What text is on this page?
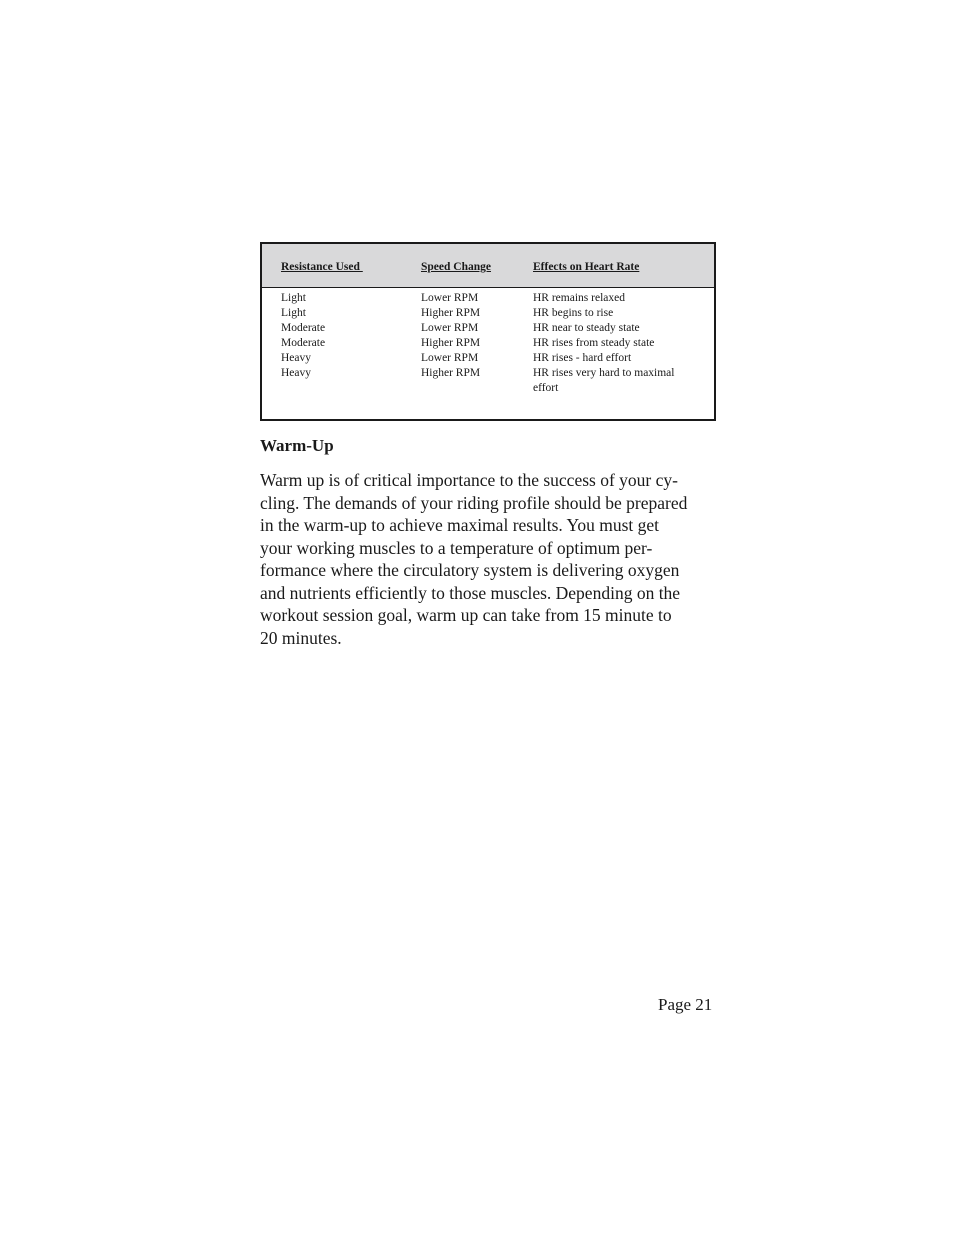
Resistance Used	Speed Change	Effects on Heart Rate
Light	Lower RPM	HR remains relaxed
Light	Higher RPM	HR begins to rise
Moderate	Lower RPM	HR near to steady state
Moderate	Higher RPM	HR rises from steady state
Heavy	Lower RPM	HR rises - hard effort
Heavy	Higher RPM	HR rises very hard to maximal effort
Warm-Up

Warm up is of critical importance to the success of your cy-
cling. The demands of your riding profile should be prepared
in the warm-up to achieve maximal results. You must get
your working muscles to a temperature of optimum per-
formance where the circulatory system is delivering oxygen
and nutrients efficiently to those muscles. Depending on the
workout session goal, warm up can take from 15 minute to
20 minutes.

Page 21
